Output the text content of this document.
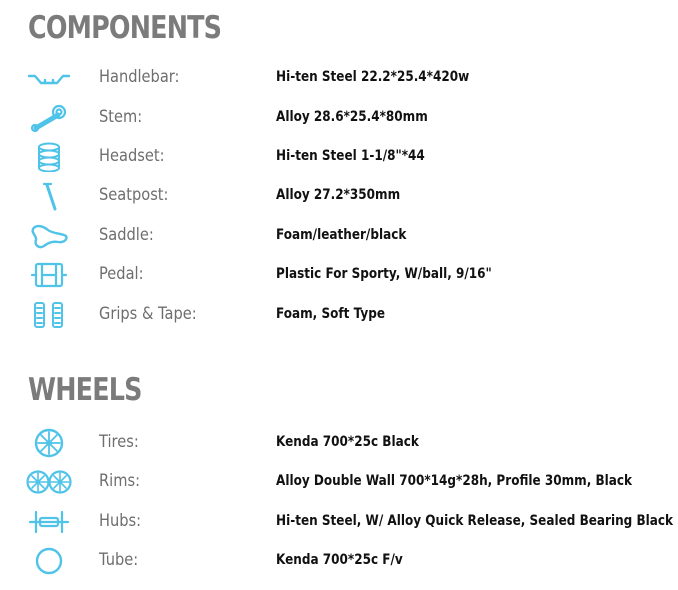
COMPONENTS
Handlebar:	Hi-ten Steel 22.2*25.4*420w
Stem:	Alloy 28.6*25.4*80mm
Headset:	Hi-ten Steel 1-1/8"*44
Seatpost:	Alloy 27.2*350mm
Saddle:	Foam/leather/black
Pedal:	Plastic For Sporty, W/ball, 9/16"
Grips & Tape:	Foam, Soft Type
WHEELS
Tires:	Kenda 700*25c Black
Rims:	Alloy Double Wall 700*14g*28h, Profile 30mm, Black
Hubs:	Hi-ten Steel, W/ Alloy Quick Release, Sealed Bearing Black
Tube:	Kenda 700*25c F/v
